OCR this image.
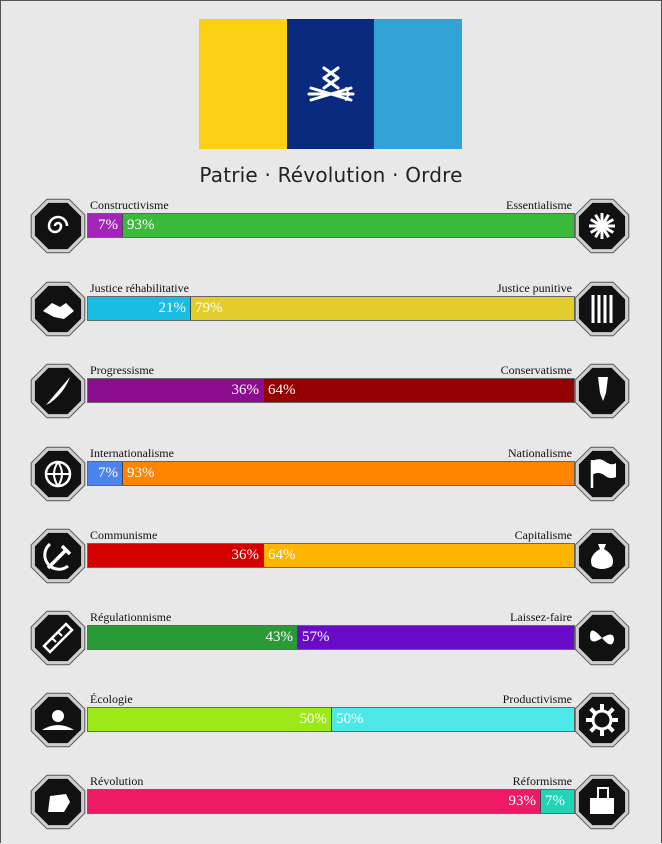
Patrie · Révolution · Ordre
7% 93%
Constructivisme	Essentialisme
21% 79%
Justice réhabilitative	Justice punitive
36% 64%
Progressisme	Conservatisme
7% 93%
Internationalisme	Nationalisme
36% 64%
Communisme	Capitalisme
43% 57%
Régulationnisme	Laissez-faire
50% 50%
Écologie	Productivisme
93% 7%
Révolution	Réformisme
